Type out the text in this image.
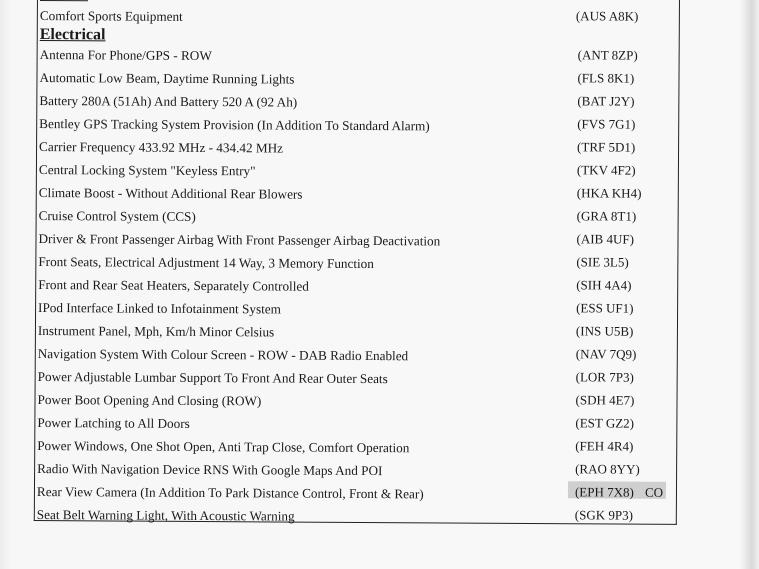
Comfort Sports Equipment	(AUS A8K)
Electrical
Antenna For Phone/GPS - ROW	(ANT 8ZP)
Automatic Low Beam, Daytime Running Lights	(FLS 8K1)
Battery 280A (51Ah) And Battery 520 A (92 Ah)	(BAT J2Y)
Bentley GPS Tracking System Provision (In Addition To Standard Alarm)	(FVS 7G1)
Carrier Frequency 433.92 MHz - 434.42 MHz	(TRF 5D1)
Central Locking System "Keyless Entry"	(TKV 4F2)
Climate Boost - Without Additional Rear Blowers	(HKA KH4)
Cruise Control System (CCS)	(GRA 8T1)
Driver & Front Passenger Airbag With Front Passenger Airbag Deactivation	(AIB 4UF)
Front Seats, Electrical Adjustment 14 Way, 3 Memory Function	(SIE 3L5)
Front and Rear Seat Heaters, Separately Controlled	(SIH 4A4)
IPod Interface Linked to Infotainment System	(ESS UF1)
Instrument Panel, Mph, Km/h Minor Celsius	(INS U5B)
Navigation System With Colour Screen - ROW - DAB Radio Enabled	(NAV 7Q9)
Power Adjustable Lumbar Support To Front And Rear Outer Seats	(LOR 7P3)
Power Boot Opening And Closing (ROW)	(SDH 4E7)
Power Latching to All Doors	(EST GZ2)
Power Windows, One Shot Open, Anti Trap Close, Comfort Operation	(FEH 4R4)
Radio With Navigation Device RNS With Google Maps And POI	(RAO 8YY)
Rear View Camera (In Addition To Park Distance Control, Front & Rear)	(EPH 7X8) CO
Seat Belt Warning Light, With Acoustic Warning	(SGK 9P3)
